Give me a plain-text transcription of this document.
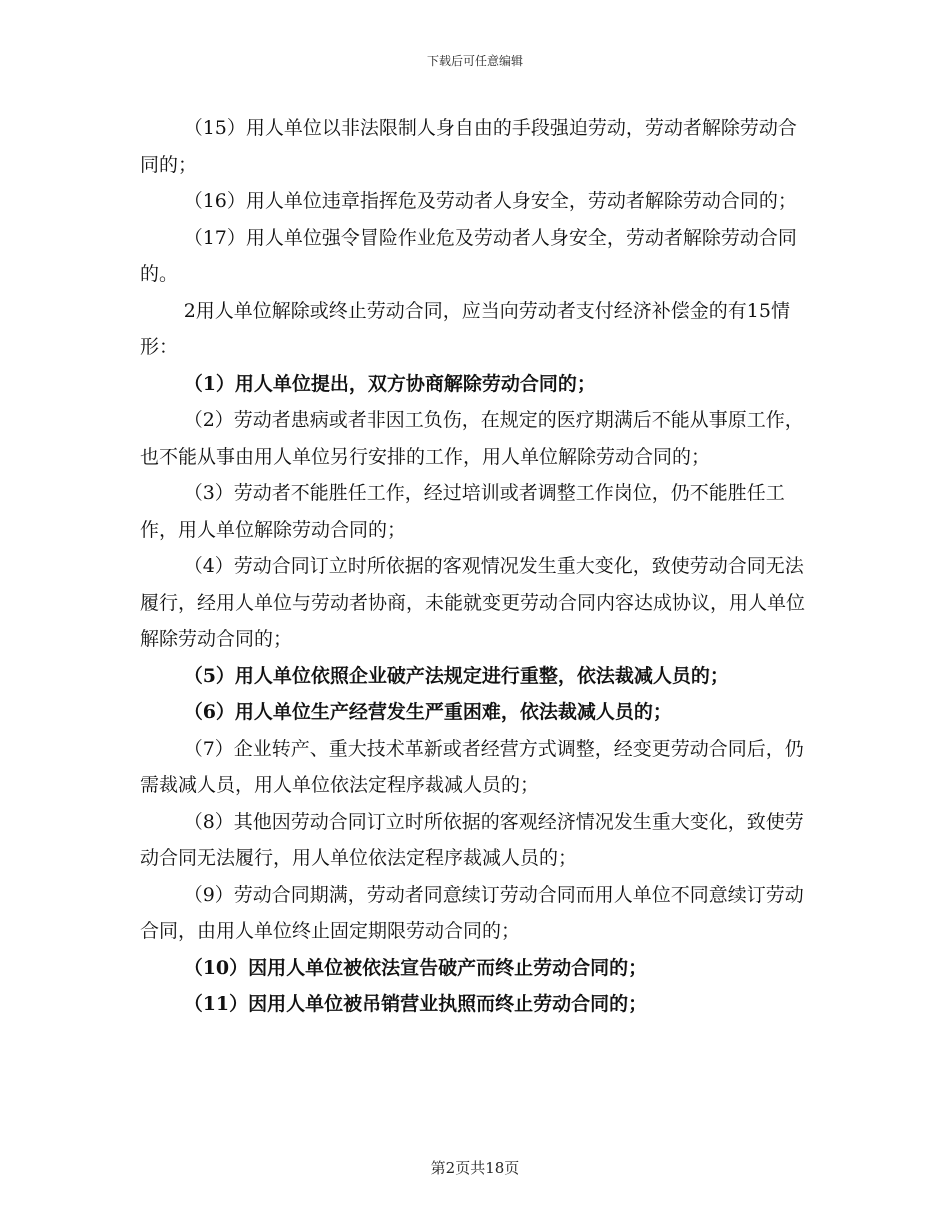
下载后可任意编辑

（15）用人单位以非法限制人身自由的手段强迫劳动，劳动者解除劳动合同的；

（16）用人单位违章指挥危及劳动者人身安全，劳动者解除劳动合同的；

（17）用人单位强令冒险作业危及劳动者人身安全，劳动者解除劳动合同的。

2用人单位解除或终止劳动合同，应当向劳动者支付经济补偿金的有15情形：

（1）用人单位提出，双方协商解除劳动合同的；

（2）劳动者患病或者非因工负伤，在规定的医疗期满后不能从事原工作，也不能从事由用人单位另行安排的工作，用人单位解除劳动合同的；

（3）劳动者不能胜任工作，经过培训或者调整工作岗位，仍不能胜任工作，用人单位解除劳动合同的；

（4）劳动合同订立时所依据的客观情况发生重大变化，致使劳动合同无法履行，经用人单位与劳动者协商，未能就变更劳动合同内容达成协议，用人单位解除劳动合同的；

（5）用人单位依照企业破产法规定进行重整，依法裁减人员的；

（6）用人单位生产经营发生严重困难，依法裁减人员的；

（7）企业转产、重大技术革新或者经营方式调整，经变更劳动合同后，仍需裁减人员，用人单位依法定程序裁减人员的；

（8）其他因劳动合同订立时所依据的客观经济情况发生重大变化，致使劳动合同无法履行，用人单位依法定程序裁减人员的；

（9）劳动合同期满，劳动者同意续订劳动合同而用人单位不同意续订劳动合同，由用人单位终止固定期限劳动合同的；

（10）因用人单位被依法宣告破产而终止劳动合同的；

（11）因用人单位被吊销营业执照而终止劳动合同的；

第2页共18页
